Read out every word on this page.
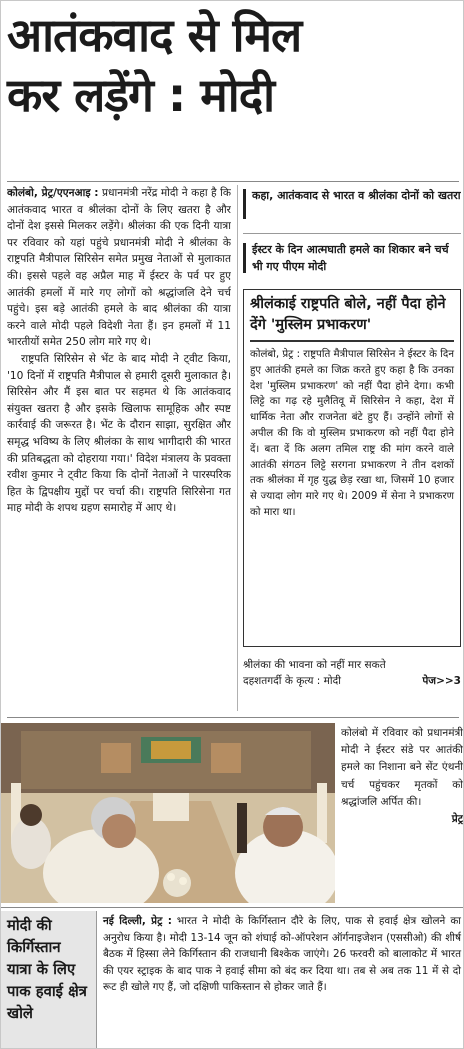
आतंकवाद से मिल
कर लड़ेंगे : मोदी

कोलंबो, प्रेट्र/एएनआइ : प्रधानमंत्री नरेंद्र मोदी ने कहा है कि आतंकवाद भारत व श्रीलंका दोनों के लिए खतरा है और दोनों देश इससे मिलकर लड़ेंगे। श्रीलंका की एक दिनी यात्रा पर रविवार को यहां पहुंचे प्रधानमंत्री मोदी ने श्रीलंका के राष्ट्रपति मैत्रीपाल सिरिसेन समेत प्रमुख नेताओं से मुलाकात की। इससे पहले वह अप्रैल माह में ईस्टर के पर्व पर हुए आतंकी हमलों में मारे गए लोगों को श्रद्धांजलि देने चर्च पहुंचे। इस बड़े आतंकी हमले के बाद श्रीलंका की यात्रा करने वाले मोदी पहले विदेशी नेता हैं। इन हमलों में 11 भारतीयों समेत 250 लोग मारे गए थे।

राष्ट्रपति सिरिसेन से भेंट के बाद मोदी ने ट्वीट किया, '10 दिनों में राष्ट्रपति मैत्रीपाल से हमारी दूसरी मुलाकात है। सिरिसेन और मैं इस बात पर सहमत थे कि आतंकवाद संयुक्त खतरा है और इसके खिलाफ सामूहिक और स्पष्ट कार्रवाई की जरूरत है। भेंट के दौरान साझा, सुरक्षित और समृद्ध भविष्य के लिए श्रीलंका के साथ भागीदारी की भारत की प्रतिबद्धता को दोहराया गया।' विदेश मंत्रालय के प्रवक्ता रवीश कुमार ने ट्वीट किया कि दोनों नेताओं ने पारस्परिक हित के द्विपक्षीय मुद्दों पर चर्चा की। राष्ट्रपति सिरिसेना गत माह मोदी के शपथ ग्रहण समारोह में आए थे।

कहा, आतंकवाद से भारत व श्रीलंका दोनों को खतरा
ईस्टर के दिन आत्मघाती हमले का शिकार बने चर्च भी गए पीएम मोदी
श्रीलंकाई राष्ट्रपति बोले, नहीं पैदा होने देंगे 'मुस्लिम प्रभाकरण'
कोलंबो, प्रेट्र : राष्ट्रपति मैत्रीपाल सिरिसेन ने ईस्टर के दिन हुए आतंकी हमले का जिक्र करते हुए कहा है कि उनका देश 'मुस्लिम प्रभाकरण' को नहीं पैदा होने देगा। कभी लिट्टे का गढ़ रहे मुलैतिवू में सिरिसेन ने कहा, देश में धार्मिक नेता और राजनेता बंटे हुए हैं। उन्होंने लोगों से अपील की कि वो मुस्लिम प्रभाकरण को नहीं पैदा होने दें। बता दें कि अलग तमिल राष्ट्र की मांग करने वाले आतंकी संगठन लिट्टे सरगना प्रभाकरण ने तीन दशकों तक श्रीलंका में गृह युद्ध छेड़ रखा था, जिसमें 10 हजार से ज्यादा लोग मारे गए थे। 2009 में सेना ने प्रभाकरण को मारा था।
श्रीलंका की भावना को नहीं मार सकते
दहशतगर्दी के कृत्य : मोदी	पेज>>3
कोलंबो में रविवार को प्रधानमंत्री मोदी ने ईस्टर संडे पर आतंकी हमले का निशाना बने सेंट एंथनी चर्च पहुंचकर मृतकों को श्रद्धांजलि अर्पित की।
प्रेट्र
मोदी की किर्गिस्तान यात्रा के लिए पाक हवाई क्षेत्र खोले
नई दिल्ली, प्रेट्र : भारत ने मोदी के किर्गिस्तान दौरे के लिए, पाक से हवाई क्षेत्र खोलने का अनुरोध किया है। मोदी 13-14 जून को शंघाई को-ऑपरेशन ऑर्गनाइजेशन (एससीओ) की शीर्ष बैठक में हिस्सा लेने किर्गिस्तान की राजधानी बिश्केक जाएंगे। 26 फरवरी को बालाकोट में भारत की एयर स्ट्राइक के बाद पाक ने हवाई सीमा को बंद कर दिया था। तब से अब तक 11 में से दो रूट ही खोले गए हैं, जो दक्षिणी पाकिस्तान से होकर जाते हैं।
